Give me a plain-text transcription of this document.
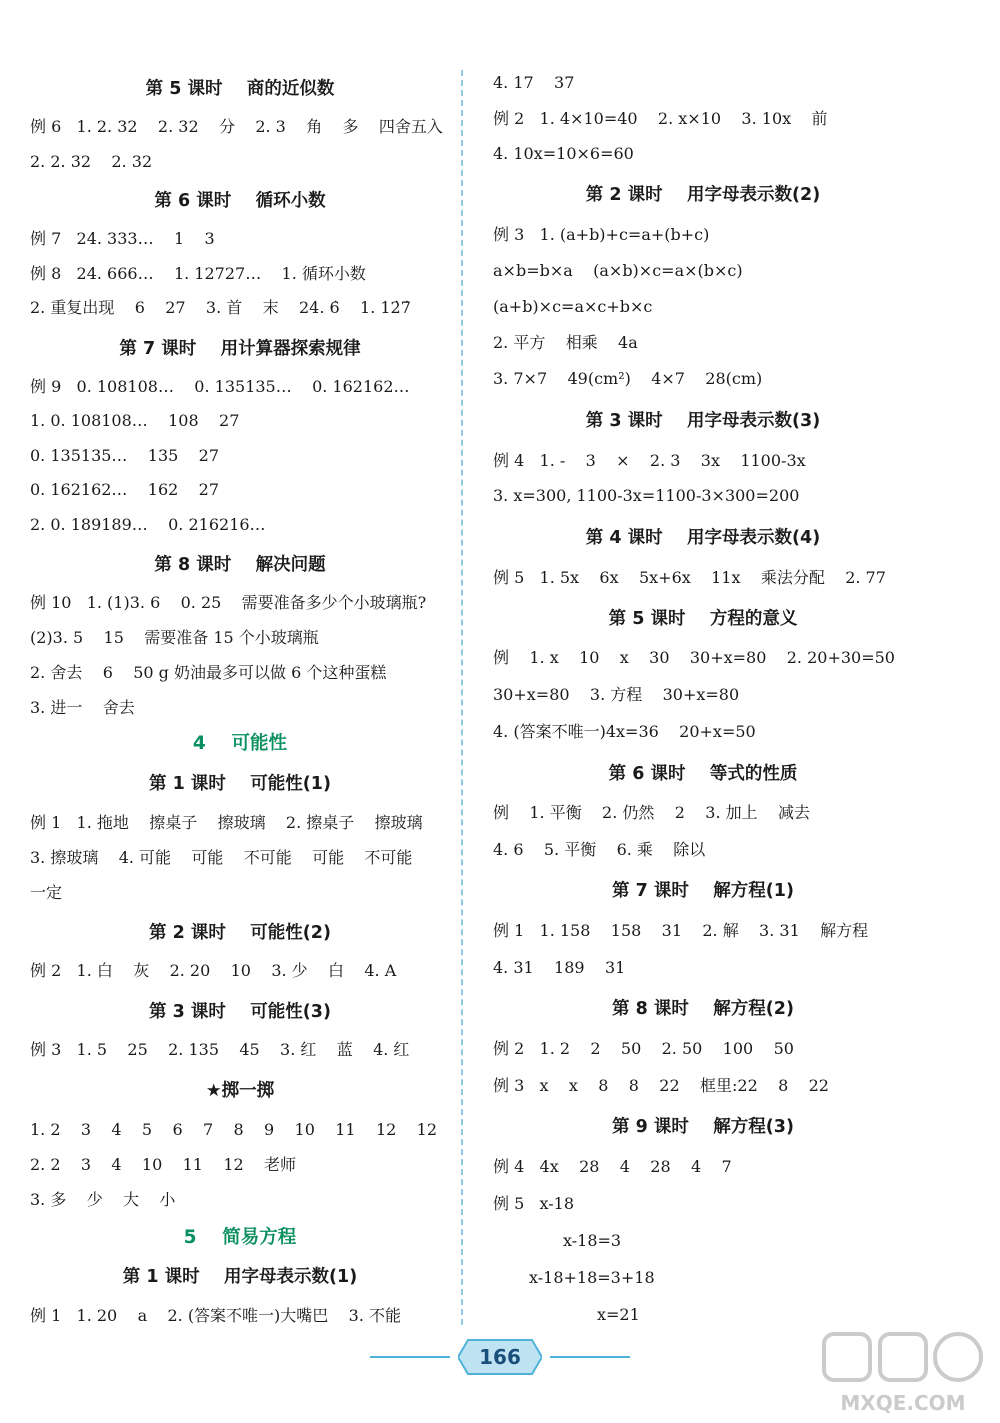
第 5 课时    商的近似数
例 6   1. 2. 32    2. 32    分    2. 3    角    多    四舍五入
2. 2. 32    2. 32
第 6 课时    循环小数
例 7   24. 333…    1    3
例 8   24. 666…    1. 12727…    1. 循环小数
2. 重复出现    6    27    3. 首    末    24. 6̇    1. 12̇7̇
第 7 课时    用计算器探索规律
例 9   0. 108108…    0. 135135…    0. 162162…
1. 0. 108108…    108    27
0. 135135…    135    27
0. 162162…    162    27
2. 0. 189189…    0. 216216…
第 8 课时    解决问题
例 10   1. (1)3. 6    0. 25    需要准备多少个小玻璃瓶?
(2)3. 5    15    需要准备 15 个小玻璃瓶
2. 舍去    6    50 g 奶油最多可以做 6 个这种蛋糕
3. 进一    舍去
4    可能性
第 1 课时    可能性(1)
例 1   1. 拖地    擦桌子    擦玻璃    2. 擦桌子    擦玻璃
3. 擦玻璃    4. 可能    可能    不可能    可能    不可能
一定
第 2 课时    可能性(2)
例 2   1. 白    灰    2. 20    10    3. 少    白    4. A
第 3 课时    可能性(3)
例 3   1. 5    25    2. 135    45    3. 红    蓝    4. 红
★掷一掷
1. 2    3    4    5    6    7    8    9    10    11    12    12
2. 2    3    4    10    11    12    老师
3. 多    少    大    小
5    简易方程
第 1 课时    用字母表示数(1)
例 1   1. 20    a    2. (答案不唯一)大嘴巴    3. 不能
4. 17    37
例 2   1. 4×10=40    2. x×10    3. 10x    前
4. 10x=10×6=60
第 2 课时    用字母表示数(2)
例 3   1. (a+b)+c=a+(b+c)
a×b=b×a    (a×b)×c=a×(b×c)
(a+b)×c=a×c+b×c
2. 平方    相乘    4a
3. 7×7    49(cm²)    4×7    28(cm)
第 3 课时    用字母表示数(3)
例 4   1. -    3    ×    2. 3    3x    1100-3x
3. x=300, 1100-3x=1100-3×300=200
第 4 课时    用字母表示数(4)
例 5   1. 5x    6x    5x+6x    11x    乘法分配    2. 77
第 5 课时    方程的意义
例    1. x    10    x    30    30+x=80    2. 20+30=50
30+x=80    3. 方程    30+x=80
4. (答案不唯一)4x=36    20+x=50
第 6 课时    等式的性质
例    1. 平衡    2. 仍然    2    3. 加上    减去
4. 6    5. 平衡    6. 乘    除以
第 7 课时    解方程(1)
例 1   1. 158    158    31    2. 解    3. 31    解方程
4. 31    189    31
第 8 课时    解方程(2)
例 2   1. 2    2    50    2. 50    100    50
例 3   x    x    8    8    22    框里:22    8    22
第 9 课时    解方程(3)
例 4   4x    28    4    28    4    7
例 5   x-18
x-18=3
x-18+18=3+18
x=21
166
MXQE.COM
